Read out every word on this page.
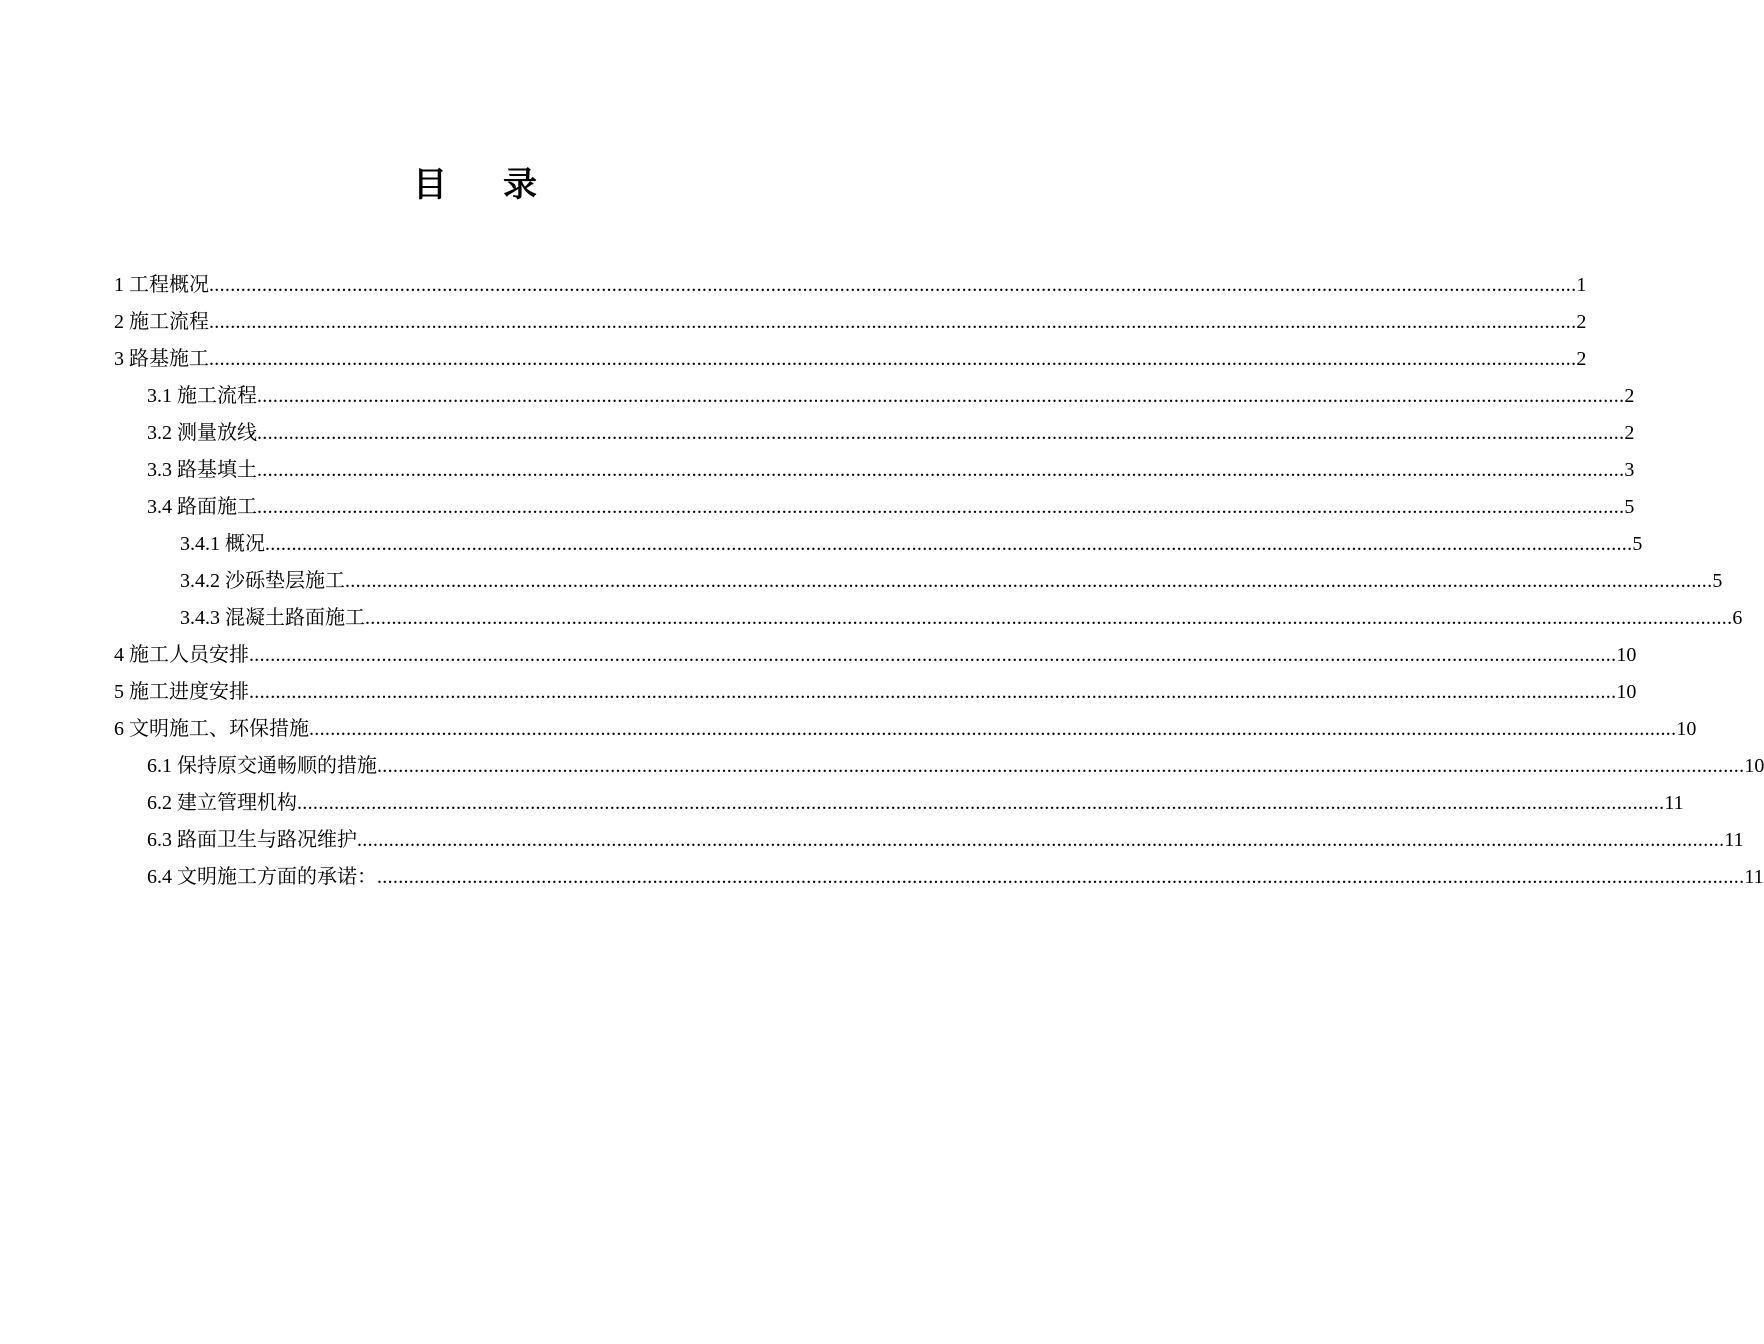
目 录
1 工程概况 .................................................................................................................................................................................................................................................................. 1
2 施工流程 .................................................................................................................................................................................................................................................................. 2
3 路基施工 .................................................................................................................................................................................................................................................................. 2
3.1 施工流程 .................................................................................................................................................................................................................................................................. 2
3.2 测量放线 .................................................................................................................................................................................................................................................................. 2
3.3 路基填土 .................................................................................................................................................................................................................................................................. 3
3.4 路面施工 .................................................................................................................................................................................................................................................................. 5
3.4.1 概况 .................................................................................................................................................................................................................................................................. 5
3.4.2 沙砾垫层施工 .................................................................................................................................................................................................................................................................. 5
3.4.3 混凝土路面施工 .................................................................................................................................................................................................................................................................. 6
4 施工人员安排 .................................................................................................................................................................................................................................................................. 10
5 施工进度安排 .................................................................................................................................................................................................................................................................. 10
6 文明施工、环保措施 .................................................................................................................................................................................................................................................................. 10
6.1 保持原交通畅顺的措施 .................................................................................................................................................................................................................................................................. 10
6.2 建立管理机构 .................................................................................................................................................................................................................................................................. 11
6.3 路面卫生与路况维护 .................................................................................................................................................................................................................................................................. 11
6.4 文明施工方面的承诺： .................................................................................................................................................................................................................................................................. 11
